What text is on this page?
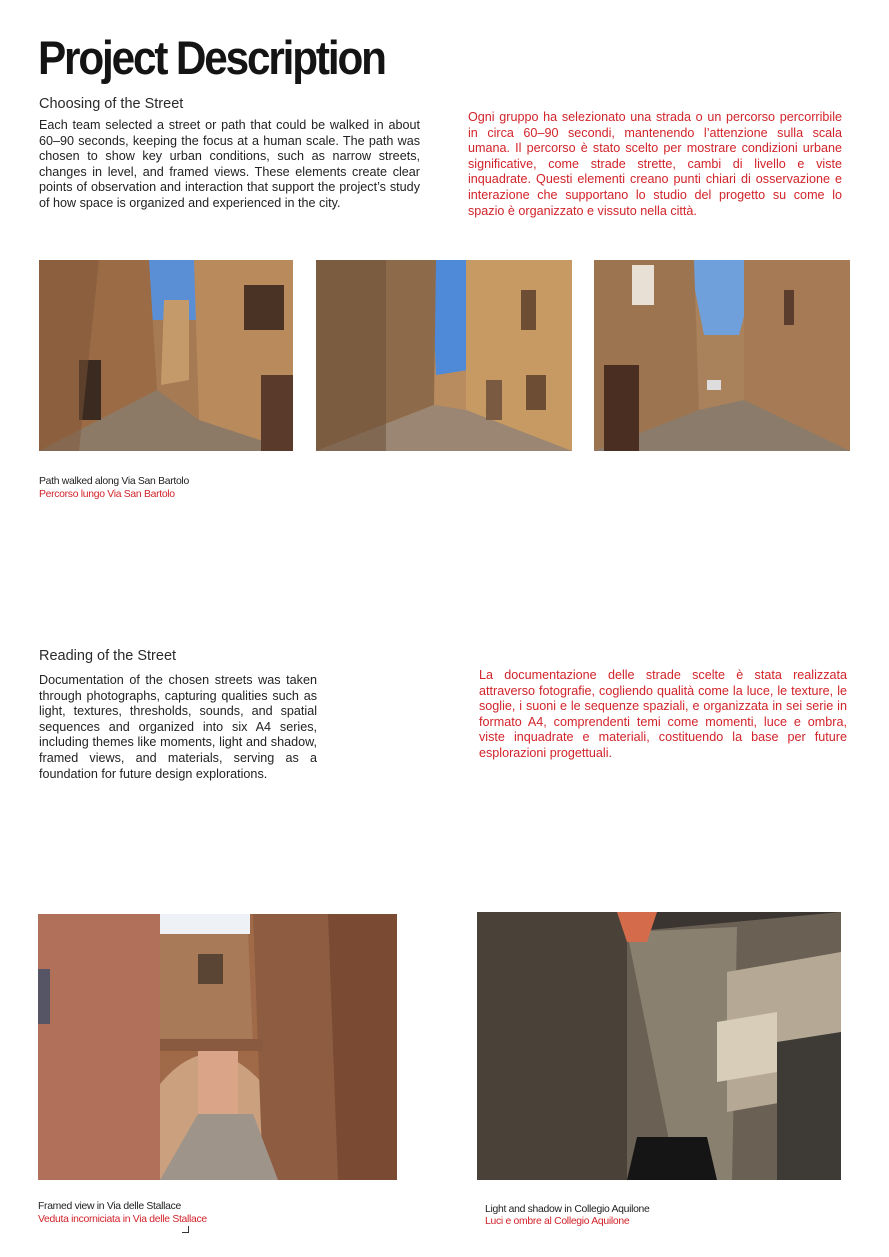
Project Description

Choosing of the Street

Each team selected a street or path that could be walked in about 60–90 seconds, keeping the focus at a human scale. The path was chosen to show key urban conditions, such as narrow streets, changes in level, and framed views. These elements create clear points of observation and interaction that support the project’s study of how space is organized and experienced in the city.

Ogni gruppo ha selezionato una strada o un percorso percorribile in circa 60–90 secondi, mantenendo l’attenzione sulla scala umana. Il percorso è stato scelto per mostrare condizioni urbane significative, come strade strette, cambi di livello e viste inquadrate. Questi elementi creano punti chiari di osservazione e interazione che supportano lo studio del progetto su come lo spazio è organizzato e vissuto nella città.

Path walked along Via San Bartolo
Percorso lungo Via San Bartolo

Reading of the Street

Documentation of the chosen streets was taken through photographs, capturing qualities such as light, textures, thresholds, sounds, and spatial sequences and organized into six A4 series, including themes like moments, light and shadow, framed views, and materials, serving as a foundation for future design explorations.

La documentazione delle strade scelte è stata realizzata attraverso fotografie, cogliendo qualità come la luce, le texture, le soglie, i suoni e le sequenze spaziali, e organizzata in sei serie in formato A4, comprendenti temi come momenti, luce e ombra, viste inquadrate e materiali, costituendo la base per future esplorazioni progettuali.

Framed view in Via delle Stallace
Veduta incorniciata in Via delle Stallace
Light and shadow in Collegio Aquilone
Luci e ombre al Collegio Aquilone
